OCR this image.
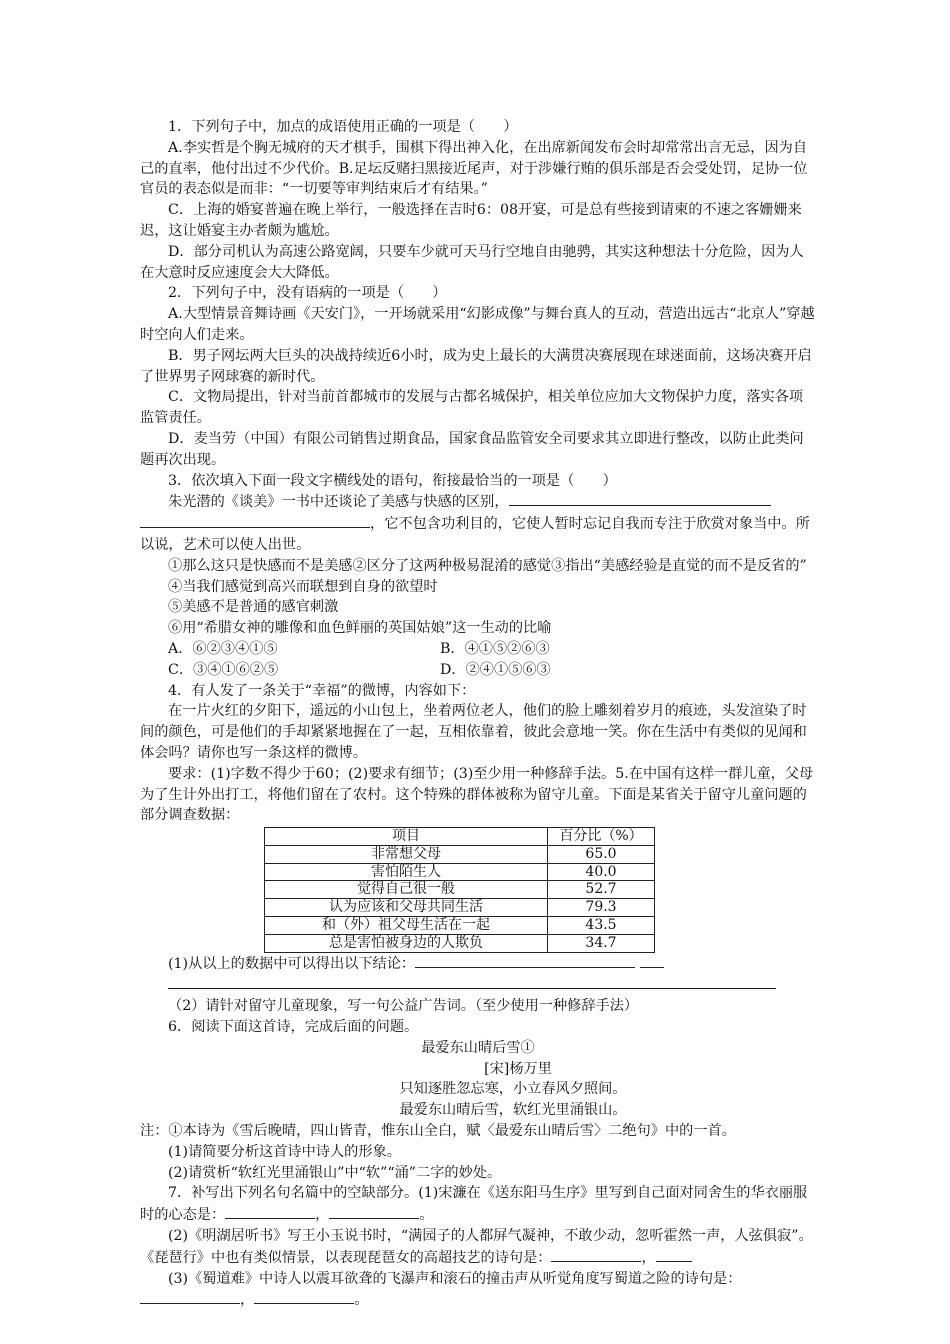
1．下列句子中，加点的成语使用正确的一项是（　　）

A.李实哲是个胸无城府的天才棋手，围棋下得出神入化，在出席新闻发布会时却常常出言无忌，因为自己的直率，他付出过不少代价。B.足坛反赌扫黑接近尾声，对于涉嫌行贿的俱乐部是否会受处罚，足协一位官员的表态似是而非：“一切要等审判结束后才有结果。”

C．上海的婚宴普遍在晚上举行，一般选择在吉时6：08开宴，可是总有些接到请柬的不速之客姗姗来迟，这让婚宴主办者颇为尴尬。

D．部分司机认为高速公路宽阔，只要车少就可天马行空地自由驰骋，其实这种想法十分危险，因为人在大意时反应速度会大大降低。

2．下列句子中，没有语病的一项是（　　）

A.大型情景音舞诗画《天安门》，一开场就采用“幻影成像”与舞台真人的互动，营造出远古“北京人”穿越时空向人们走来。

B．男子网坛两大巨头的决战持续近6小时，成为史上最长的大满贯决赛展现在球迷面前，这场决赛开启了世界男子网球赛的新时代。

C．文物局提出，针对当前首都城市的发展与古都名城保护，相关单位应加大文物保护力度，落实各项监管责任。

D．麦当劳（中国）有限公司销售过期食品，国家食品监管安全司要求其立即进行整改，以防止此类问题再次出现。

3．依次填入下面一段文字横线处的语句，衔接最恰当的一项是（　　）

朱光潜的《谈美》一书中还谈论了美感与快感的区别，，它不包含功利目的，它使人暂时忘记自我而专注于欣赏对象当中。所以说，艺术可以使人出世。

①那么这只是快感而不是美感②区分了这两种极易混淆的感觉③指出“美感经验是直觉的而不是反省的”

④当我们感觉到高兴而联想到自身的欲望时

⑤美感不是普通的感官刺激

⑥用“希腊女神的雕像和血色鲜丽的英国姑娘”这一生动的比喻

A．⑥②③④①⑤	B．④①⑤②⑥③
C．③④①⑥②⑤	D．②④①⑤⑥③

4．有人发了一条关于“幸福”的微博，内容如下：

在一片火红的夕阳下，遥远的小山包上，坐着两位老人，他们的脸上雕刻着岁月的痕迹，头发渲染了时间的颜色，可是他们的手却紧紧地握在了一起，互相依靠着，彼此会意地一笑。你在生活中有类似的见闻和体会吗？请你也写一条这样的微博。

要求：(1)字数不得少于60；(2)要求有细节；(3)至少用一种修辞手法。5.在中国有这样一群儿童，父母为了生计外出打工，将他们留在了农村。这个特殊的群体被称为留守儿童。下面是某省关于留守儿童问题的部分调查数据：

项目	百分比（%）
非常想父母	65.0
害怕陌生人	40.0
觉得自己很一般	52.7
认为应该和父母共同生活	79.3
和（外）祖父母生活在一起	43.5
总是害怕被身边的人欺负	34.7

(1)从以上的数据中可以得出以下结论：

（2）请针对留守儿童现象，写一句公益广告词。（至少使用一种修辞手法）

6．阅读下面这首诗，完成后面的问题。

最爱东山晴后雪①

[宋]杨万里

只知逐胜忽忘寒，小立春风夕照间。

最爱东山晴后雪，软红光里涌银山。

注：①本诗为《雪后晚晴，四山皆青，惟东山全白，赋〈最爱东山晴后雪〉二绝句》中的一首。

(1)请简要分析这首诗中诗人的形象。

(2)请赏析“软红光里涌银山”中“软”“涌”二字的妙处。

7．补写出下列名句名篇中的空缺部分。(1)宋濂在《送东阳马生序》里写到自己面对同舍生的华衣丽服时的心态是：	，	。

(2)《明湖居听书》写王小玉说书时，“满园子的人都屏气凝神，不敢少动，忽听霍然一声，人弦俱寂”。《琵琶行》中也有类似情景，以表现琵琶女的高超技艺的诗句是：	，

(3)《蜀道难》中诗人以震耳欲聋的飞瀑声和滚石的撞击声从听觉角度写蜀道之险的诗句是：，	。
